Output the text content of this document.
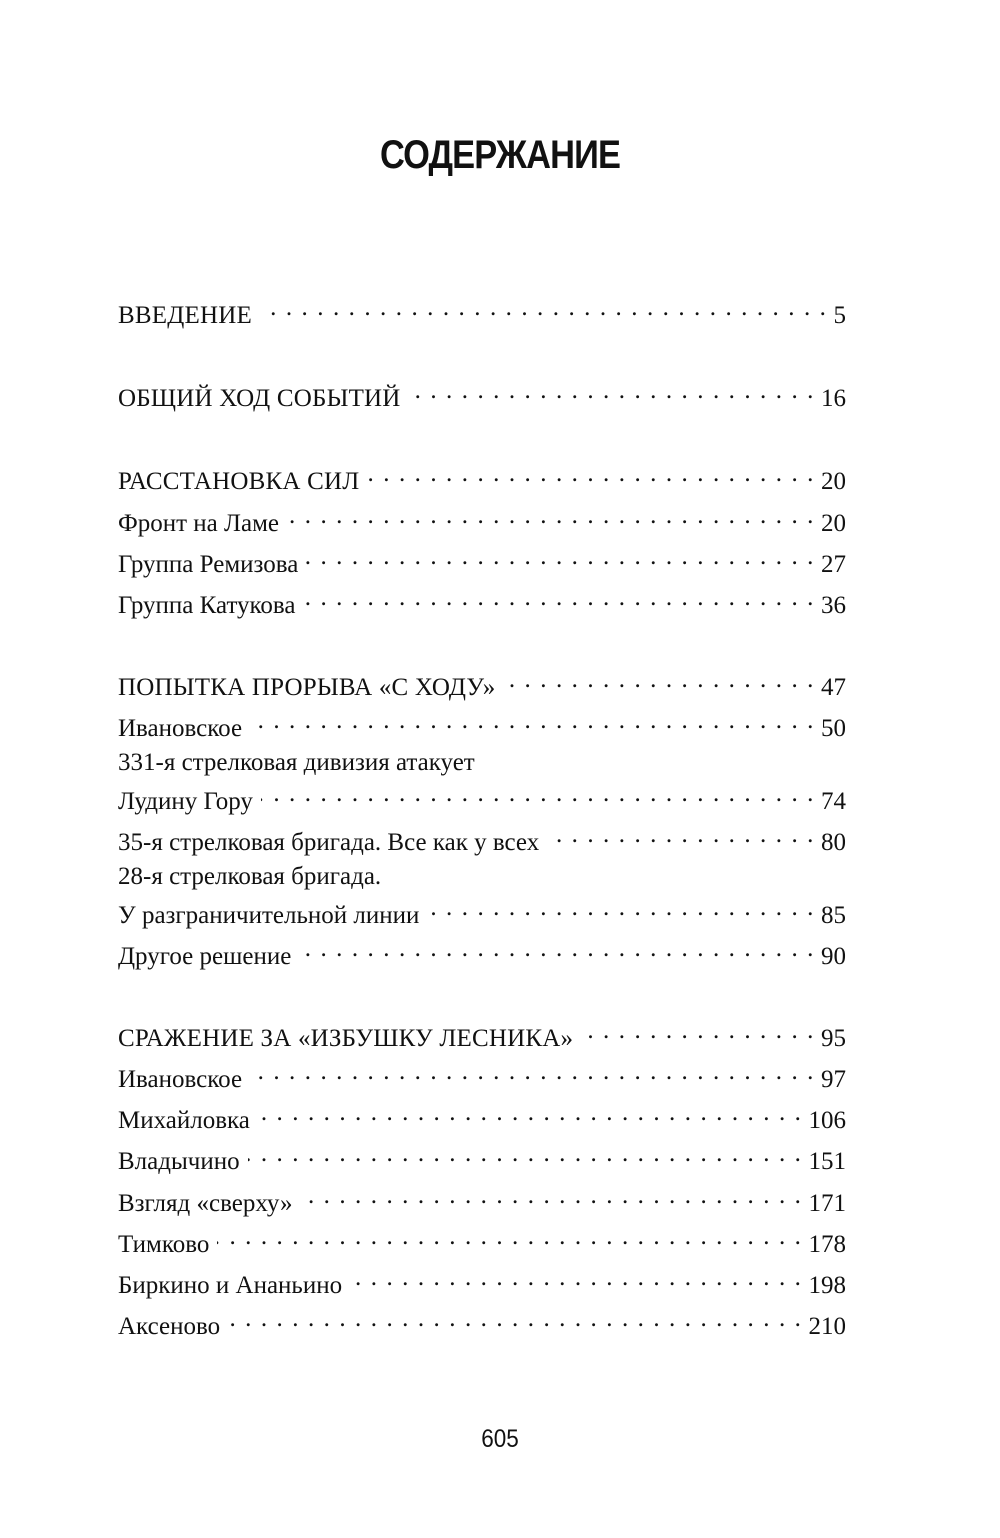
СОДЕРЖАНИЕ
ВВЕДЕНИЕ . . .	5
ОБЩИЙ ХОД СОБЫТИЙ . . .	16
РАССТАНОВКА СИЛ . . .	20
Фронт на Ламе . . .	20
Группа Ремизова . . .	27
Группа Катукова . . .	36
ПОПЫТКА ПРОРЫВА «С ХОДУ» . . .	47
Ивановское . . .	50
331-я стрелковая дивизия атакует
Лудину Гору . . .	74
35-я стрелковая бригада. Все как у всех . . .	80
28-я стрелковая бригада.
У разграничительной линии . . .	85
Другое решение . . .	90
СРАЖЕНИЕ ЗА «ИЗБУШКУ ЛЕСНИКА» . . .	95
Ивановское . . .	97
Михайловка . . .	106
Владычино . . .	151
Взгляд «сверху» . . .	171
Тимково . . .	178
Биркино и Ананьино . . .	198
Аксеново . . .	210
605
